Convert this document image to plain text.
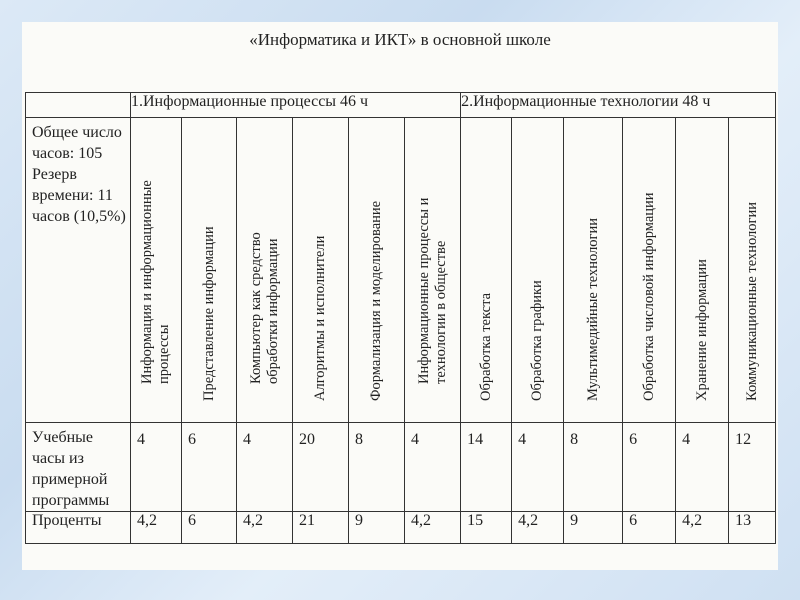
«Информатика и ИКТ» в основной школе
	1.Информационные процессы 46 ч						2.Информационные технологии 48 ч					
Общее число часов: 105 Резерв времени: 11 часов (10,5%)	Информация и информационные
процессы	Представление информации	Компьютер как средство
обработки информации	Алгоритмы и исполнители	Формализация и моделирование	Информационные процессы и
технологии в обществе	Обработка текста	Обработка графики	Мультимедийные технологии	Обработка числовой информации	Хранение информации	Коммуникационные технологии

Учебные часы из примерной программы	4	6	4	20	8	4	14	4	8	6	4	12
Проценты	4,2	6	4,2	21	9	4,2	15	4,2	9	6	4,2	13
